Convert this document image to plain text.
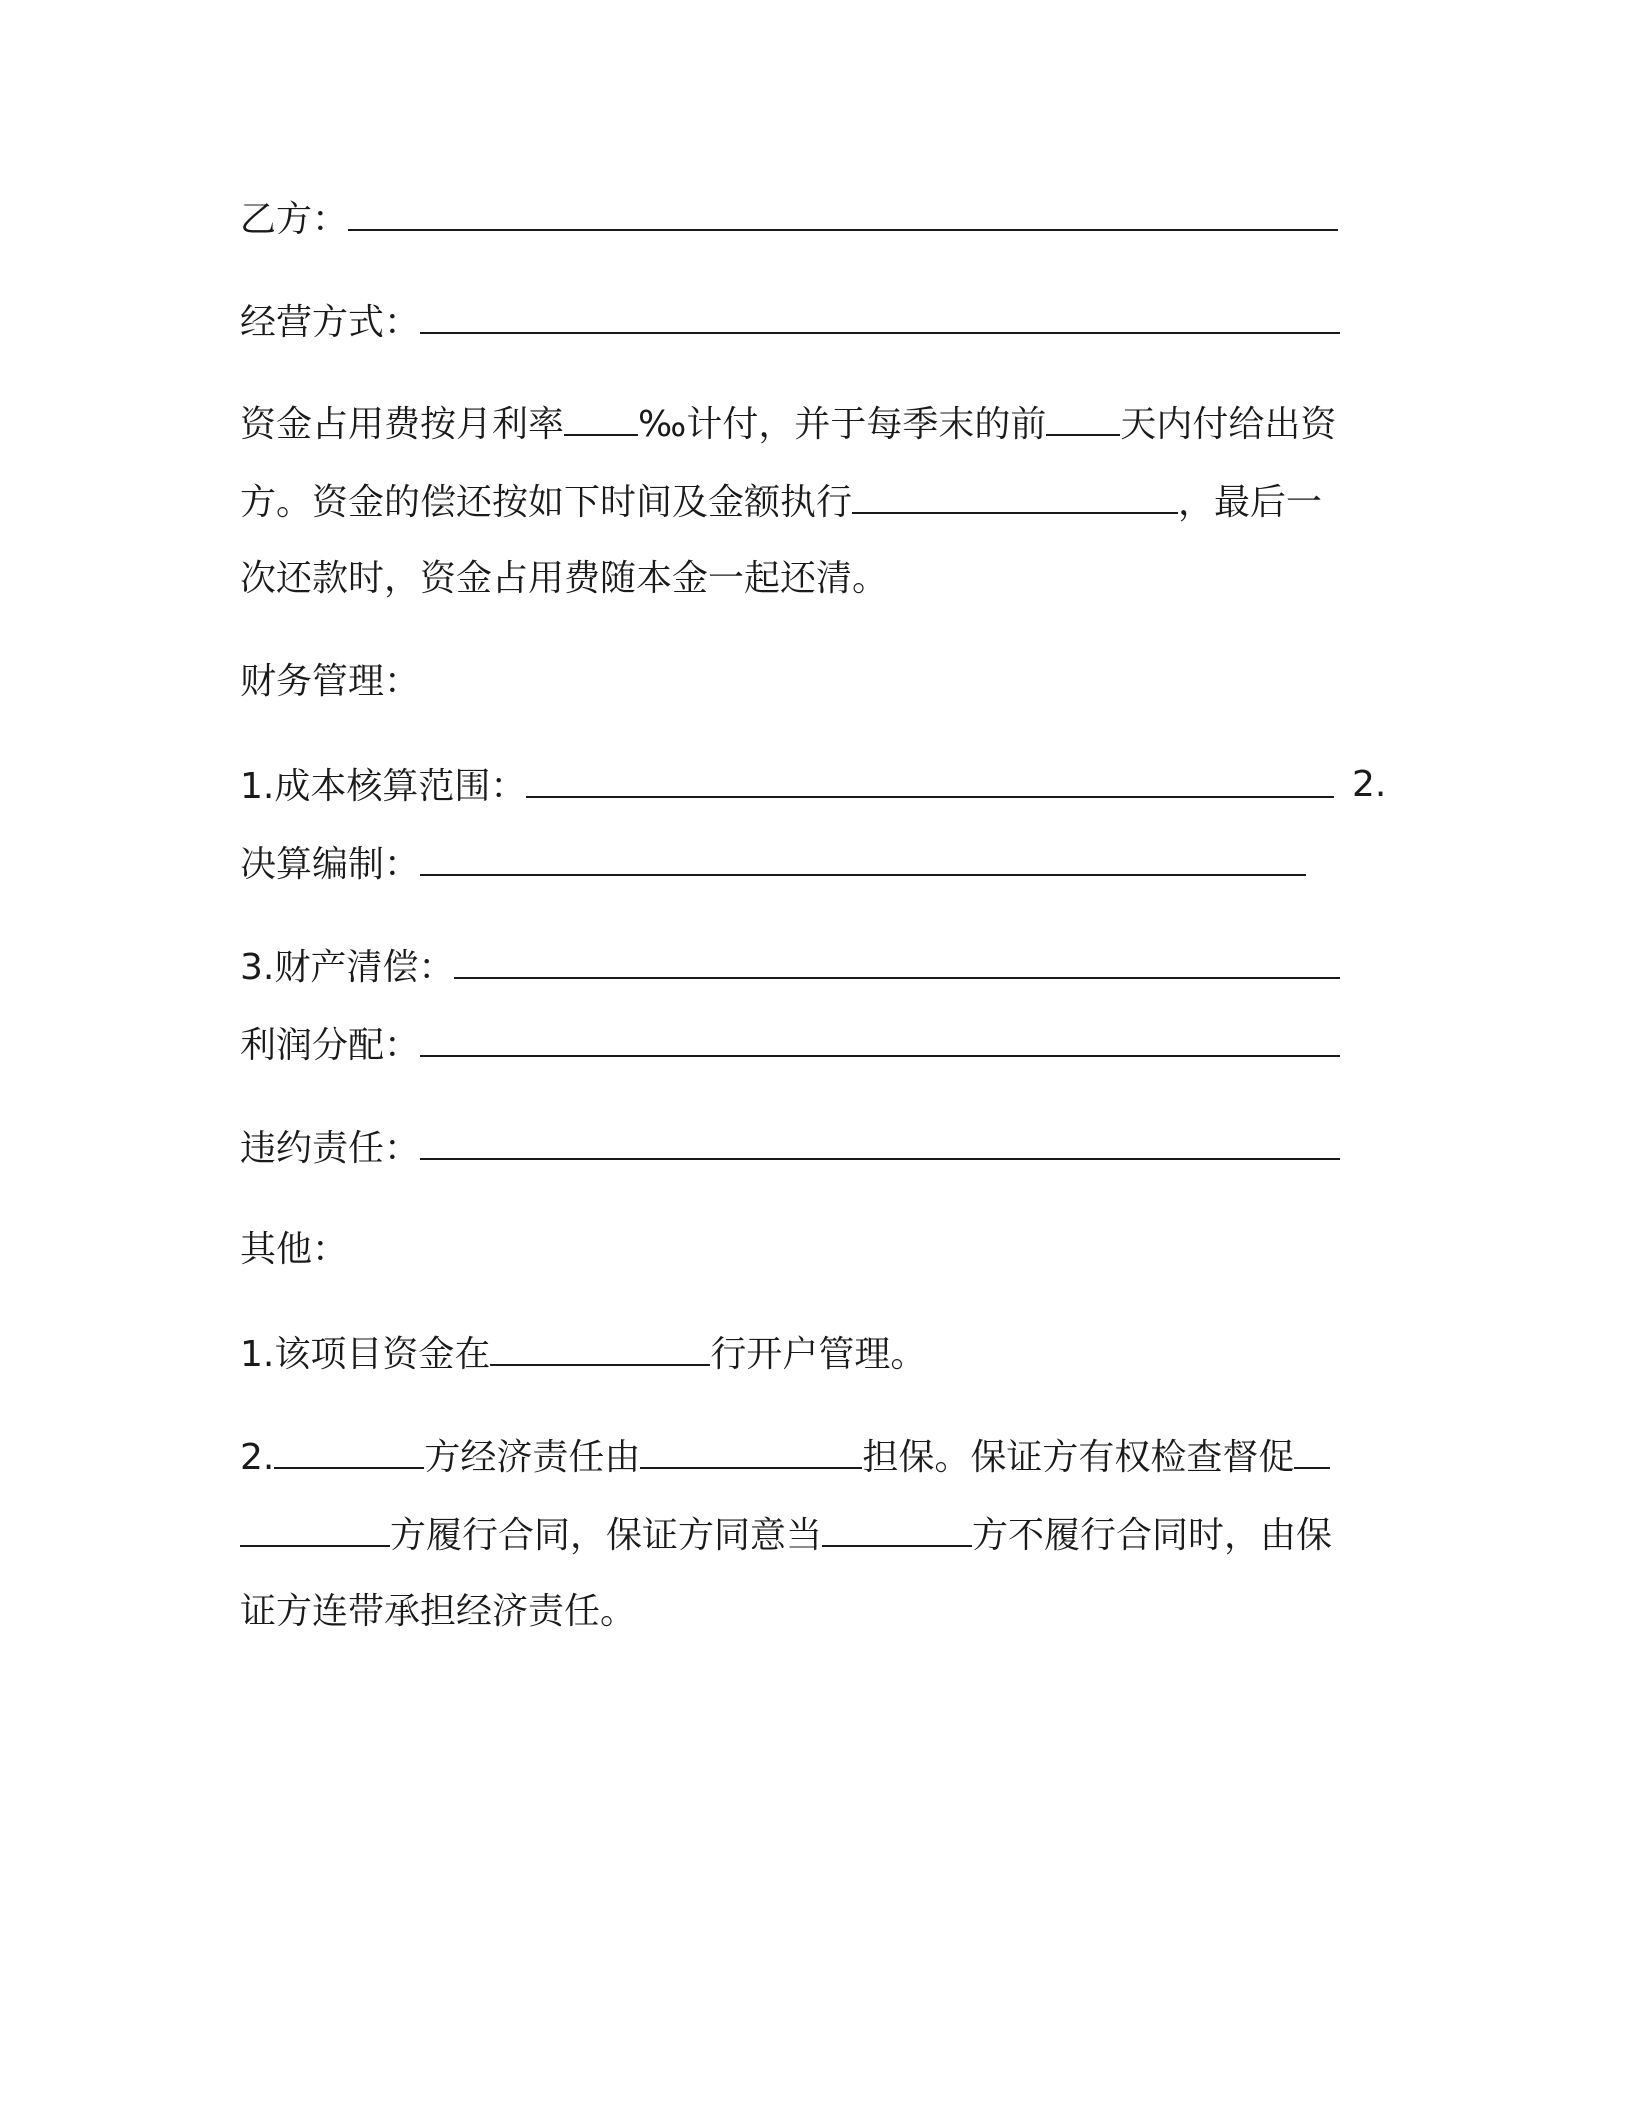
乙方：
经营方式：
资金占用费按月利率 ‰计付，并于每季末的前 天内付给出资
方。资金的偿还按如下时间及金额执行	，最后一
次还款时，资金占用费随本金一起还清。
财务管理：
1.成本核算范围：	2.
决算编制：
3.财产清偿：
利润分配：
违约责任：
其他：
1.该项目资金在	行开户管理。
2.	方经济责任由	担保。保证方有权检查督促
方履行合同，保证方同意当	方不履行合同时，由保
证方连带承担经济责任。
